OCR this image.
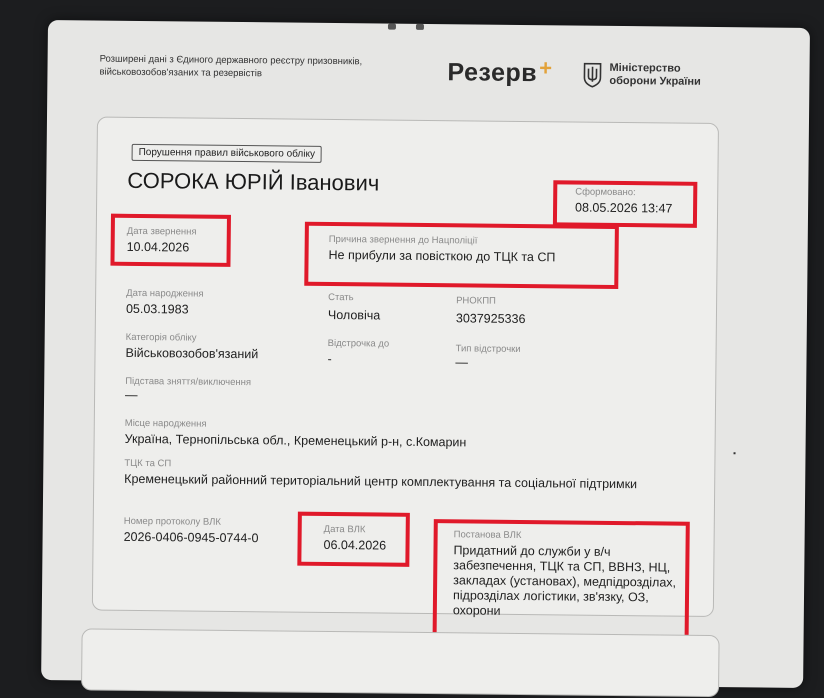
Розширені дані з Єдиного державного реєстру призовників, військовозобов'язаних та резервістів	Резерв+	Міністерство оборони України
Порушення правил військового обліку
СОРОКА ЮРІЙ Іванович	Сформовано:
08.05.2026 13:47
Дата звернення
10.04.2026	Причина звернення до Нацполіції
Не прибули за повісткою до ТЦК та СП
Дата народження
05.03.1983
Стать
Чоловіча
РНОКПП
3037925336
Категорія обліку
Військовозобов'язаний
Відстрочка до
-
Тип відстрочки
—
Підстава зняття/виключення
—
Місце народження
Україна, Тернопільська обл., Кременецький р-н, с.Комарин
ТЦК та СП
Кременецький районний територіальний центр комплектування та соціальної підтримки
Номер протоколу ВЛК
2026-0406-0945-0744-0
Дата ВЛК
06.04.2026
Постанова ВЛК
Придатний до служби у в/ч забезпечення, ТЦК та СП, ВВНЗ, НЦ, закладах (установах), медпідрозділах, підрозділах логістики, зв'язку, ОЗ, охорони
